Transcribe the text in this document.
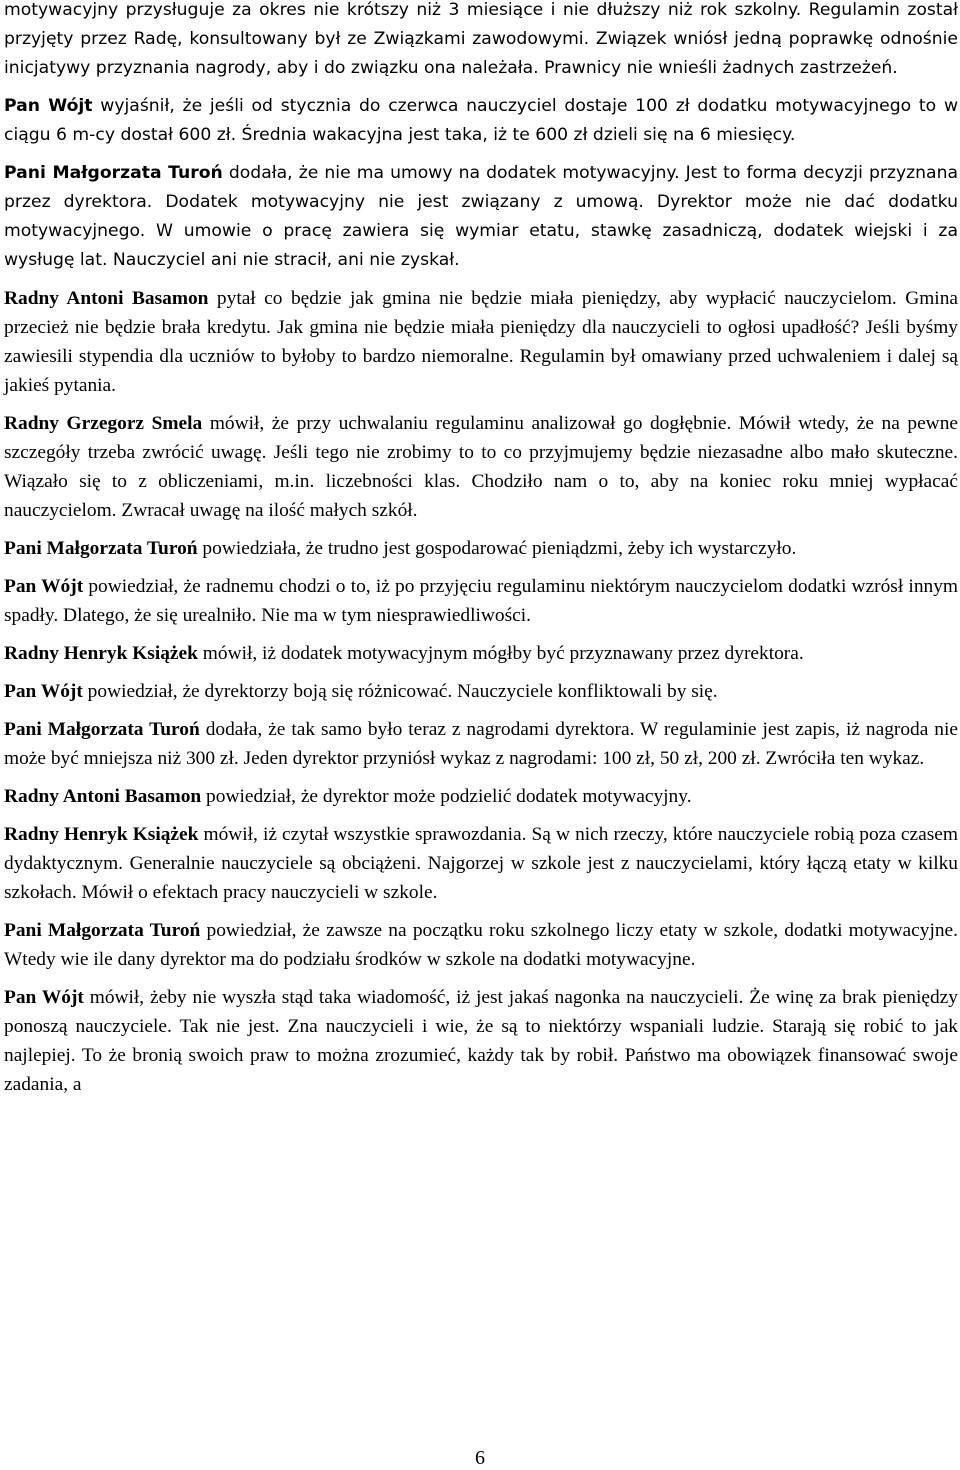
motywacyjny przysługuje za okres nie krótszy niż 3 miesiące i nie dłuższy niż rok szkolny. Regulamin został przyjęty przez Radę, konsultowany był ze Związkami zawodowymi. Związek wniósł jedną poprawkę odnośnie inicjatywy przyznania nagrody, aby i do związku ona należała. Prawnicy nie wnieśli żadnych zastrzeżeń.

Pan Wójt wyjaśnił, że jeśli od stycznia do czerwca nauczyciel dostaje 100 zł dodatku motywacyjnego to w ciągu 6 m-cy dostał 600 zł. Średnia wakacyjna jest taka, iż te 600 zł dzieli się na 6 miesięcy.

Pani Małgorzata Turoń dodała, że nie ma umowy na dodatek motywacyjny. Jest to forma decyzji przyznana przez dyrektora. Dodatek motywacyjny nie jest związany z umową. Dyrektor może nie dać dodatku motywacyjnego. W umowie o pracę zawiera się wymiar etatu, stawkę zasadniczą, dodatek wiejski i za wysługę lat. Nauczyciel ani nie stracił, ani nie zyskał.

Radny Antoni Basamon pytał co będzie jak gmina nie będzie miała pieniędzy, aby wypłacić nauczycielom. Gmina przecież nie będzie brała kredytu. Jak gmina nie będzie miała pieniędzy dla nauczycieli to ogłosi upadłość? Jeśli byśmy zawiesili stypendia dla uczniów to byłoby to bardzo niemoralne. Regulamin był omawiany przed uchwaleniem i dalej są jakieś pytania.

Radny Grzegorz Smela mówił, że przy uchwalaniu regulaminu analizował go dogłębnie. Mówił wtedy, że na pewne szczegóły trzeba zwrócić uwagę. Jeśli tego nie zrobimy to to co przyjmujemy będzie niezasadne albo mało skuteczne. Wiązało się to z obliczeniami, m.in. liczebności klas. Chodziło nam o to, aby na koniec roku mniej wypłacać nauczycielom. Zwracał uwagę na ilość małych szkół.

Pani Małgorzata Turoń powiedziała, że trudno jest gospodarować pieniądzmi, żeby ich wystarczyło.

Pan Wójt powiedział, że radnemu chodzi o to, iż po przyjęciu regulaminu niektórym nauczycielom dodatki wzrósł innym spadły. Dlatego, że się urealniło. Nie ma w tym niesprawiedliwości.

Radny Henryk Książek mówił, iż dodatek motywacyjnym mógłby być przyznawany przez dyrektora.

Pan Wójt powiedział, że dyrektorzy boją się różnicować. Nauczyciele konfliktowali by się.

Pani Małgorzata Turoń dodała, że tak samo było teraz z nagrodami dyrektora. W regulaminie jest zapis, iż nagroda nie może być mniejsza niż 300 zł. Jeden dyrektor przyniósł wykaz z nagrodami: 100 zł, 50 zł, 200 zł. Zwróciła ten wykaz.

Radny Antoni Basamon powiedział, że dyrektor może podzielić dodatek motywacyjny.

Radny Henryk Książek mówił, iż czytał wszystkie sprawozdania. Są w nich rzeczy, które nauczyciele robią poza czasem dydaktycznym. Generalnie nauczyciele są obciążeni. Najgorzej w szkole jest z nauczycielami, który łączą etaty w kilku szkołach. Mówił o efektach pracy nauczycieli w szkole.

Pani Małgorzata Turoń powiedział, że zawsze na początku roku szkolnego liczy etaty w szkole, dodatki motywacyjne. Wtedy wie ile dany dyrektor ma do podziału środków w szkole na dodatki motywacyjne.

Pan Wójt mówił, żeby nie wyszła stąd taka wiadomość, iż jest jakaś nagonka na nauczycieli. Że winę za brak pieniędzy ponoszą nauczyciele. Tak nie jest. Zna nauczycieli i wie, że są to niektórzy wspaniali ludzie. Starają się robić to jak najlepiej. To że bronią swoich praw to można zrozumieć, każdy tak by robił. Państwo ma obowiązek finansować swoje zadania, a

6
